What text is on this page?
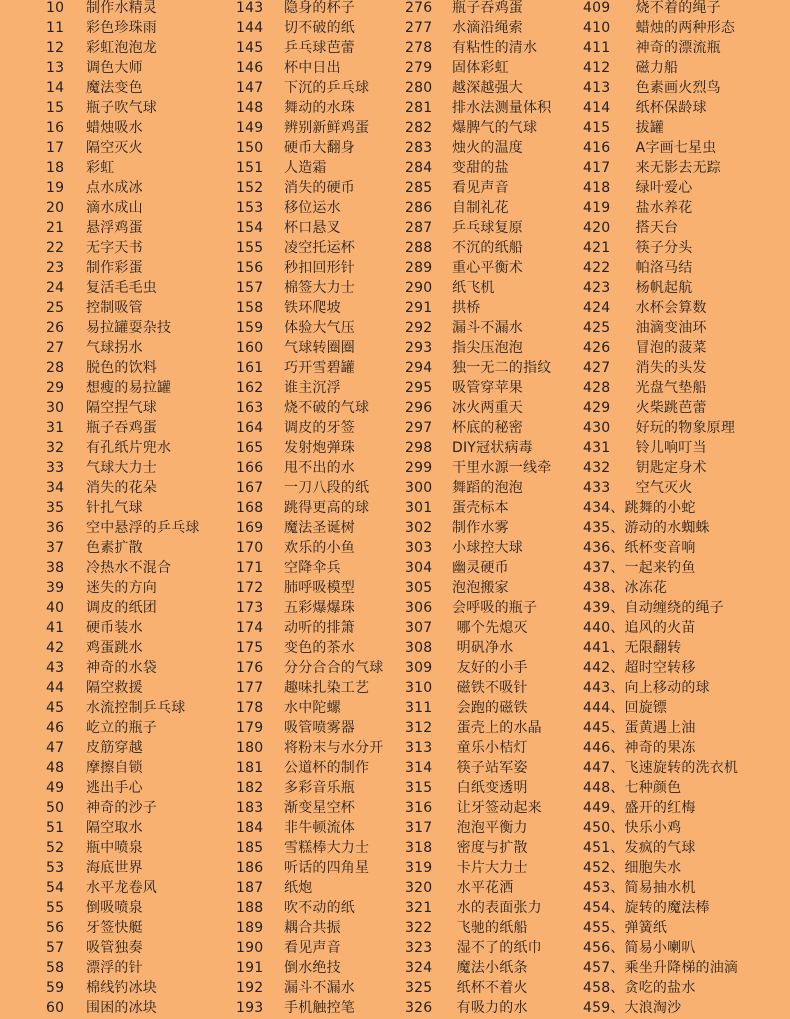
10 制作水精灵
11 彩色珍珠雨
12 彩虹泡泡龙
13 调色大师
14 魔法变色
15 瓶子吹气球
16 蜡烛吸水
17 隔空灭火
18 彩虹
19 点水成冰
20 滴水成山
21 悬浮鸡蛋
22 无字天书
23 制作彩蛋
24 复活毛毛虫
25 控制吸管
26 易拉罐耍杂技
27 气球拐水
28 脱色的饮料
29 想瘦的易拉罐
30 隔空捏气球
31 瓶子吞鸡蛋
32 有孔纸片兜水
33 气球大力士
34 消失的花朵
35 针扎气球
36 空中悬浮的乒乓球
37 色素扩散
38 冷热水不混合
39 迷失的方向
40 调皮的纸团
41 硬币装水
42 鸡蛋跳水
43 神奇的水袋
44 隔空救援
45 水流控制乒乓球
46 屹立的瓶子
47 皮筋穿越
48 摩擦自锁
49 逃出手心
50 神奇的沙子
51 隔空取水
52 瓶中喷泉
53 海底世界
54 水平龙卷风
55 倒吸喷泉
56 牙签快艇
57 吸管独奏
58 漂浮的针
59 棉线钓冰块
60 围困的冰块
143 隐身的杯子
144 切不破的纸
145 乒乓球芭蕾
146 杯中日出
147 下沉的乒乓球
148 舞动的水珠
149 辨别新鲜鸡蛋
150 硬币大翻身
151 人造霜
152 消失的硬币
153 移位运水
154 杯口悬叉
155 凌空托运杯
156 秒扣回形针
157 棉签大力士
158 铁环爬坡
159 体验大气压
160 气球转圈圈
161 巧开雪碧罐
162 谁主沉浮
163 烧不破的气球
164 调皮的牙签
165 发射炮弹珠
166 甩不出的水
167 一刀八段的纸
168 跳得更高的球
169 魔法圣诞树
170 欢乐的小鱼
171 空降伞兵
172 肺呼吸模型
173 五彩爆爆珠
174 动听的排箫
175 变色的茶水
176 分分合合的气球
177 趣味扎染工艺
178 水中陀螺
179 吸管喷雾器
180 将粉末与水分开
181 公道杯的制作
182 多彩音乐瓶
183 渐变星空杯
184 非牛顿流体
185 雪糕棒大力士
186 听话的四角星
187 纸炮
188 吹不动的纸
189 耦合共振
190 看见声音
191 倒水绝技
192 漏斗不漏水
193 手机触控笔
276 瓶子吞鸡蛋
277 水滴沿绳索
278 有粘性的清水
279 固体彩虹
280 越深越强大
281 排水法测量体积
282 爆脾气的气球
283 烛火的温度
284 变甜的盐
285 看见声音
286 自制礼花
287 乒乓球复原
288 不沉的纸船
289 重心平衡术
290 纸飞机
291 拱桥
292 漏斗不漏水
293 指尖压泡泡
294 独一无二的指纹
295 吸管穿苹果
296 冰火两重天
297 杯底的秘密
298 DIY冠状病毒
299 干里水源一线牵
300 舞蹈的泡泡
301 蛋壳标本
302 制作水雾
303 小球控大球
304 幽灵硬币
305 泡泡搬家
306 会呼吸的瓶子
307 哪个先熄灭
308 明矾净水
309 友好的小手
310 磁铁不吸针
311 会跑的磁铁
312 蛋壳上的水晶
313 童乐小桔灯
314 筷子站军姿
315 白纸变透明
316 让牙签动起来
317 泡泡平衡力
318 密度与扩散
319 卡片大力士
320 水平花洒
321 水的表面张力
322 飞驰的纸船
323 湿不了的纸巾
324 魔法小纸条
325 纸杯不着火
326 有吸力的水
409 烧不着的绳子
410 蜡烛的两种形态
411 神奇的漂流瓶
412 磁力船
413 色素画火烈鸟
414 纸杯保龄球
415 拔罐
416 A字画七星虫
417 来无影去无踪
418 绿叶爱心
419 盐水养花
420 搭天台
421 筷子分头
422 帕洛马结
423 杨帆起航
424 水杯会算数
425 油滴变油环
426 冒泡的菠菜
427 消失的头发
428 光盘气垫船
429 火柴跳芭蕾
430 好玩的物象原理
431 铃儿响叮当
432 钥匙定身术
433 空气灭火
434、跳舞的小蛇
435、游动的水蜘蛛
436、纸杯变音响
437、一起来钓鱼
438、冰冻花
439、自动缠绕的绳子
440、追风的火苗
441、无限翻转
442、超时空转移
443、向上移动的球
444、回旋镖
445、蛋黄遇上油
446、神奇的果冻
447、飞速旋转的洗衣机
448、七种颜色
449、盛开的红梅
450、快乐小鸡
451、发疯的气球
452、细胞失水
453、简易抽水机
454、旋转的魔法棒
455、弹簧纸
456、简易小喇叭
457、乘坐升降梯的油滴
458、贪吃的盐水
459、大浪淘沙
